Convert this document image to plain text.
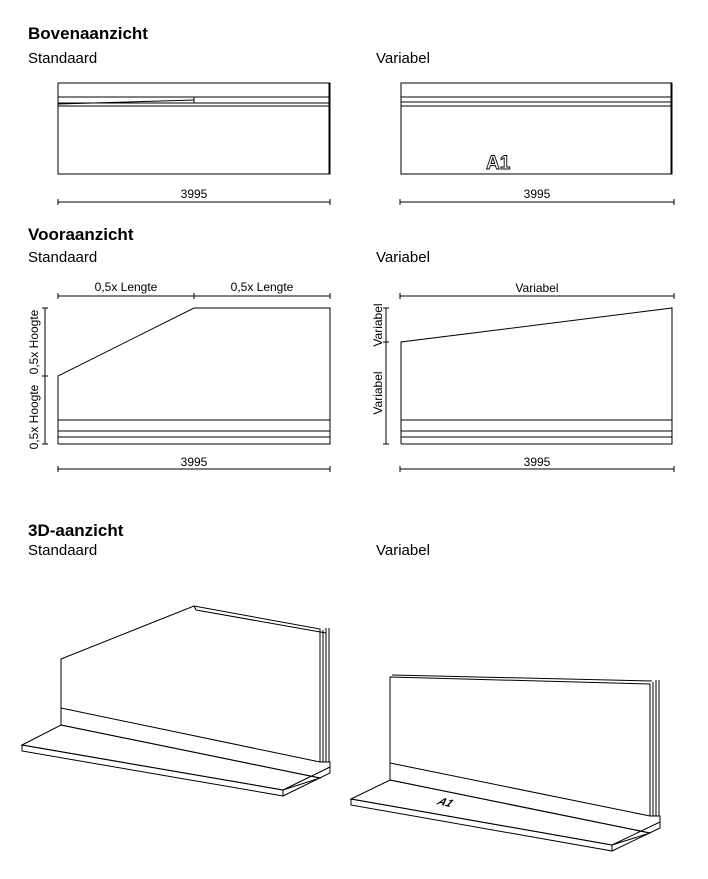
Bovenaanzicht
Standaard	Variabel
Vooraanzicht
Standaard	Variabel
3D-aanzicht
Standaard	Variabel
3995	3995
A1
0,5x Lengte	0,5x Lengte
0,5x Hoogte
0,5x Hoogte
3995
Variabel
Variabel
Variabel
3995
A1
